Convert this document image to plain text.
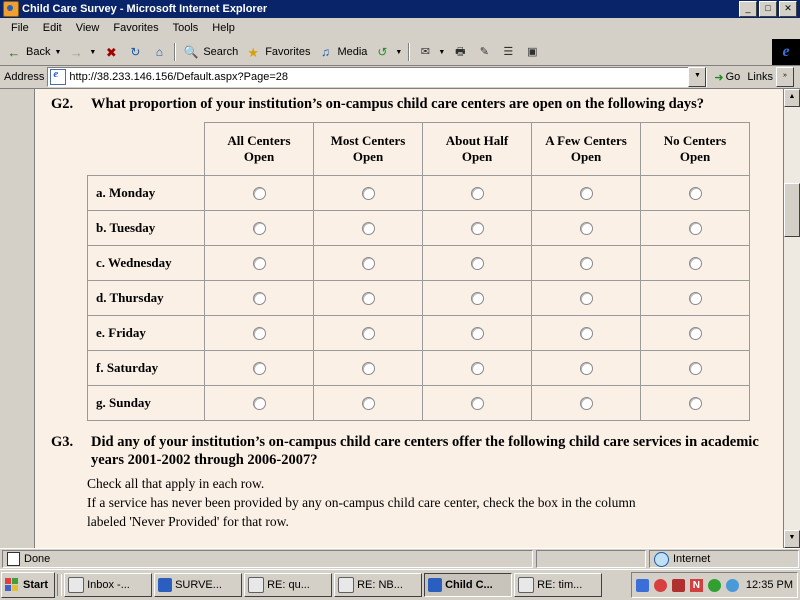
Child Care Survey - Microsoft Internet Explorer	_	□	✕
File	Edit	View	Favorites	Tools	Help
← Back ▼ → ▼ ✖	↻	⌂	🔍 Search ★ Favorites ♫ Media ↺	▼	✉	▼ 🖶	✎	☰	▣	e
Address e http://38.233.146.156/Default.aspx?Page=28	▼	➜ Go Links	»
G2.	What proportion of your institution’s on-campus child care centers are open on the following days?
	All Centers Open	Most Centers Open	About Half Open	A Few Centers Open	No Centers Open
a. Monday					
b. Tuesday					
c. Wednesday					
d. Thursday					
e. Friday					
f. Saturday					
g. Sunday					
G3.	Did any of your institution’s on-campus child care centers offer the following child care services in academic years 2001-2002 through 2006-2007?
Check all that apply in each row.
If a service has never been provided by any on-campus child care center, check the box in the column
labeled 'Never Provided' for that row.
▲
▼
Done	Internet
Start	Inbox -...	SURVE...	RE: qu...	RE: NB...	Child C...	RE: tim...	N	12:35 PM
